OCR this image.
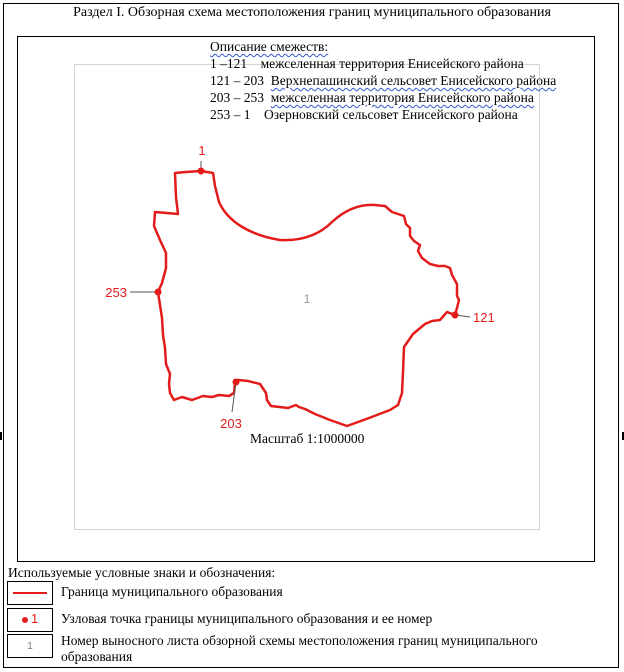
Раздел I. Обзорная схема местоположения границ муниципального образования
Описание смежеств:
1 –121 межселенная территория Енисейского района
121 – 203 Верхнепашинский сельсовет Енисейского района
203 – 253 межселенная территория Енисейского района
253 – 1 Озерновский сельсовет Енисейского района
1
121
203
253	1
Масштаб 1:1000000
Используемые условные знаки и обозначения:
Граница муниципального образования
1 Узловая точка границы муниципального образования и ее номер
1	Номер выносного листа обзорной схемы местоположения границ муниципального образования
